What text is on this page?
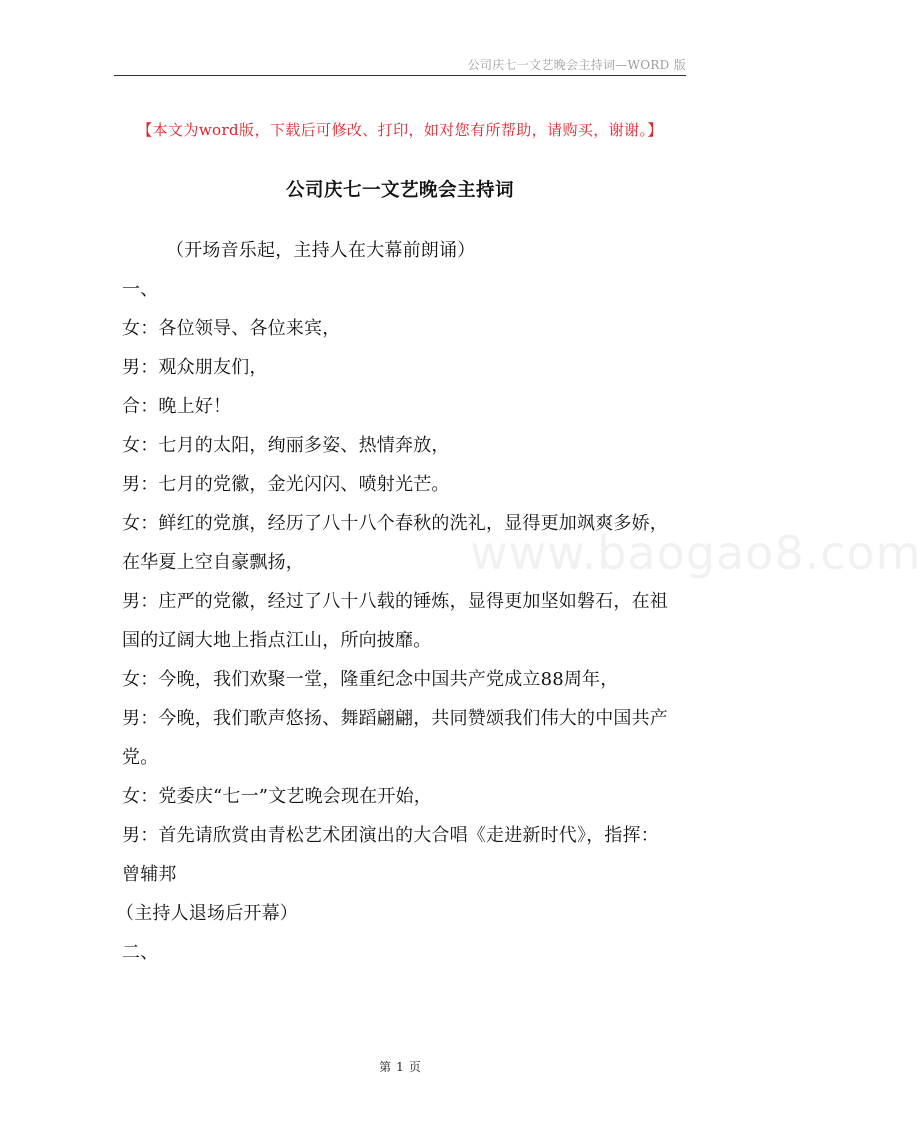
公司庆七一文艺晚会主持词—WORD 版
【本文为word版，下载后可修改、打印，如对您有所帮助，请购买，谢谢。】
公司庆七一文艺晚会主持词
（开场音乐起，主持人在大幕前朗诵）
一、
女：各位领导、各位来宾，
男：观众朋友们，
合：晚上好！
女：七月的太阳，绚丽多姿、热情奔放，
男：七月的党徽，金光闪闪、喷射光芒。
女：鲜红的党旗，经历了八十八个春秋的洗礼，显得更加飒爽多娇，
在华夏上空自豪飘扬，
男：庄严的党徽，经过了八十八载的锤炼，显得更加坚如磐石，在祖
国的辽阔大地上指点江山，所向披靡。
女：今晚，我们欢聚一堂，隆重纪念中国共产党成立88周年，
男：今晚，我们歌声悠扬、舞蹈翩翩，共同赞颂我们伟大的中国共产
党。
女：党委庆“七一”文艺晚会现在开始，
男：首先请欣赏由青松艺术团演出的大合唱《走进新时代》，指挥：
曾辅邦
（主持人退场后开幕）
二、
www.baogao8.com
第 1 页
